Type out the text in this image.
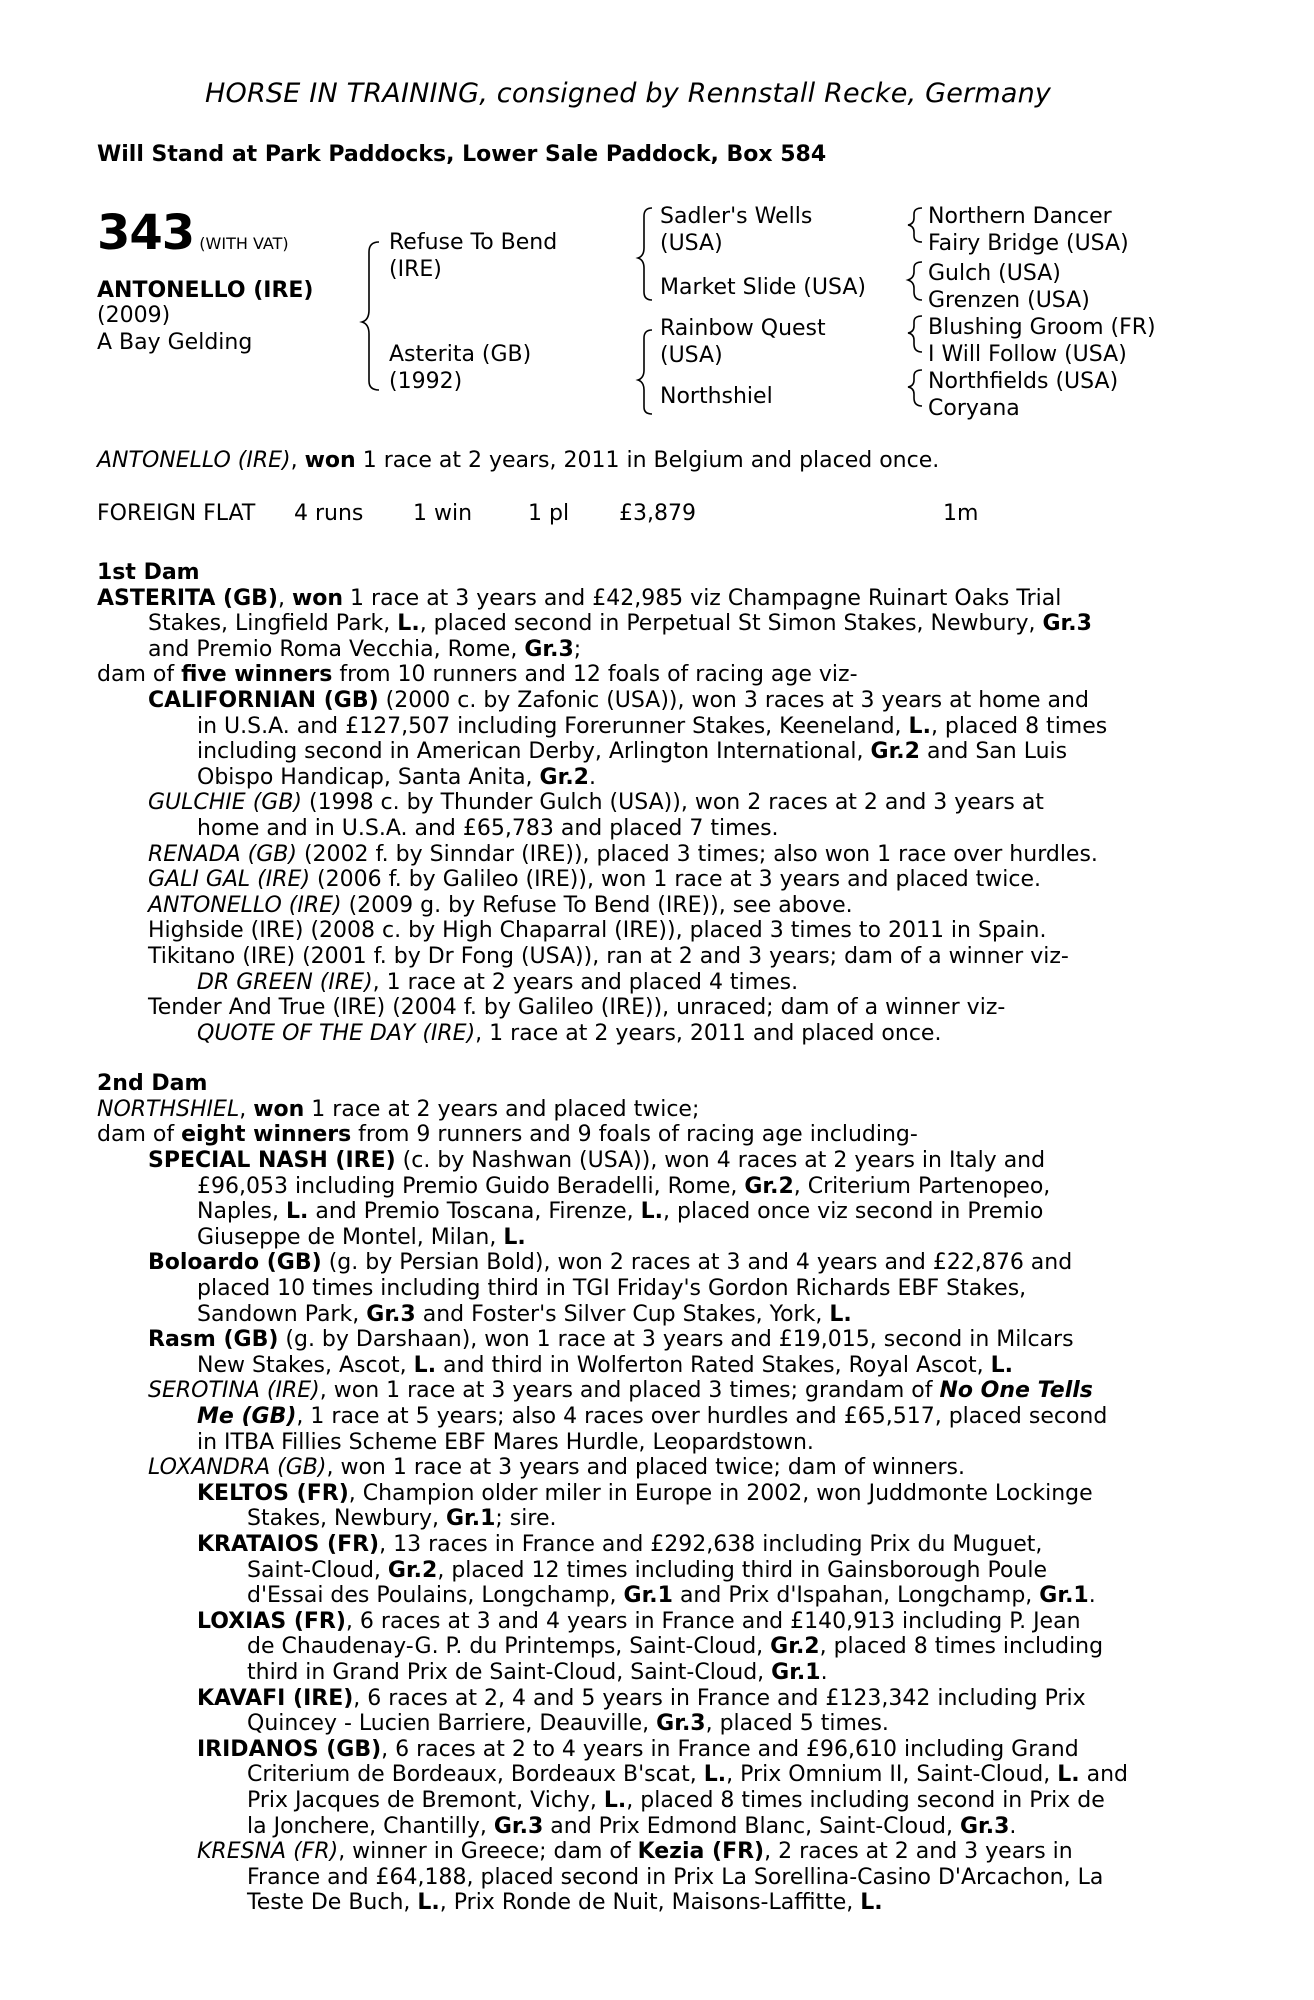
HORSE IN TRAINING, consigned by Rennstall Recke, Germany
Will Stand at Park Paddocks, Lower Sale Paddock, Box 584
343 (WITH VAT)
ANTONELLO (IRE)
(2009)
A Bay Gelding
Refuse To Bend
(IRE)
Asterita (GB)
(1992)
Sadler's Wells
(USA)
Market Slide (USA)
Rainbow Quest
(USA)
Northshiel
Northern Dancer
Fairy Bridge (USA)
Gulch (USA)
Grenzen (USA)
Blushing Groom (FR)
I Will Follow (USA)
Northfields (USA)
Coryana
ANTONELLO (IRE), won 1 race at 2 years, 2011 in Belgium and placed once.
FOREIGN FLAT 4 runs 1 win	1 pl £3,879	1m

1st Dam

ASTERITA (GB), won 1 race at 3 years and £42,985 viz Champagne Ruinart Oaks Trial

Stakes, Lingfield Park, L., placed second in Perpetual St Simon Stakes, Newbury, Gr.3

and Premio Roma Vecchia, Rome, Gr.3;

dam of five winners from 10 runners and 12 foals of racing age viz-

CALIFORNIAN (GB) (2000 c. by Zafonic (USA)), won 3 races at 3 years at home and

in U.S.A. and £127,507 including Forerunner Stakes, Keeneland, L., placed 8 times

including second in American Derby, Arlington International, Gr.2 and San Luis

Obispo Handicap, Santa Anita, Gr.2.

GULCHIE (GB) (1998 c. by Thunder Gulch (USA)), won 2 races at 2 and 3 years at

home and in U.S.A. and £65,783 and placed 7 times.

RENADA (GB) (2002 f. by Sinndar (IRE)), placed 3 times; also won 1 race over hurdles.

GALI GAL (IRE) (2006 f. by Galileo (IRE)), won 1 race at 3 years and placed twice.

ANTONELLO (IRE) (2009 g. by Refuse To Bend (IRE)), see above.

Highside (IRE) (2008 c. by High Chaparral (IRE)), placed 3 times to 2011 in Spain.

Tikitano (IRE) (2001 f. by Dr Fong (USA)), ran at 2 and 3 years; dam of a winner viz-

DR GREEN (IRE), 1 race at 2 years and placed 4 times.

Tender And True (IRE) (2004 f. by Galileo (IRE)), unraced; dam of a winner viz-

QUOTE OF THE DAY (IRE), 1 race at 2 years, 2011 and placed once.

2nd Dam

NORTHSHIEL, won 1 race at 2 years and placed twice;

dam of eight winners from 9 runners and 9 foals of racing age including-

SPECIAL NASH (IRE) (c. by Nashwan (USA)), won 4 races at 2 years in Italy and

£96,053 including Premio Guido Beradelli, Rome, Gr.2, Criterium Partenopeo,

Naples, L. and Premio Toscana, Firenze, L., placed once viz second in Premio

Giuseppe de Montel, Milan, L.

Boloardo (GB) (g. by Persian Bold), won 2 races at 3 and 4 years and £22,876 and

placed 10 times including third in TGI Friday's Gordon Richards EBF Stakes,

Sandown Park, Gr.3 and Foster's Silver Cup Stakes, York, L.

Rasm (GB) (g. by Darshaan), won 1 race at 3 years and £19,015, second in Milcars

New Stakes, Ascot, L. and third in Wolferton Rated Stakes, Royal Ascot, L.

SEROTINA (IRE), won 1 race at 3 years and placed 3 times; grandam of No One Tells

Me (GB), 1 race at 5 years; also 4 races over hurdles and £65,517, placed second

in ITBA Fillies Scheme EBF Mares Hurdle, Leopardstown.

LOXANDRA (GB), won 1 race at 3 years and placed twice; dam of winners.

KELTOS (FR), Champion older miler in Europe in 2002, won Juddmonte Lockinge

Stakes, Newbury, Gr.1; sire.

KRATAIOS (FR), 13 races in France and £292,638 including Prix du Muguet,

Saint-Cloud, Gr.2, placed 12 times including third in Gainsborough Poule

d'Essai des Poulains, Longchamp, Gr.1 and Prix d'Ispahan, Longchamp, Gr.1.

LOXIAS (FR), 6 races at 3 and 4 years in France and £140,913 including P. Jean

de Chaudenay-G. P. du Printemps, Saint-Cloud, Gr.2, placed 8 times including

third in Grand Prix de Saint-Cloud, Saint-Cloud, Gr.1.

KAVAFI (IRE), 6 races at 2, 4 and 5 years in France and £123,342 including Prix

Quincey - Lucien Barriere, Deauville, Gr.3, placed 5 times.

IRIDANOS (GB), 6 races at 2 to 4 years in France and £96,610 including Grand

Criterium de Bordeaux, Bordeaux B'scat, L., Prix Omnium II, Saint-Cloud, L. and

Prix Jacques de Bremont, Vichy, L., placed 8 times including second in Prix de

la Jonchere, Chantilly, Gr.3 and Prix Edmond Blanc, Saint-Cloud, Gr.3.

KRESNA (FR), winner in Greece; dam of Kezia (FR), 2 races at 2 and 3 years in

France and £64,188, placed second in Prix La Sorellina-Casino D'Arcachon, La

Teste De Buch, L., Prix Ronde de Nuit, Maisons-Laffitte, L.
